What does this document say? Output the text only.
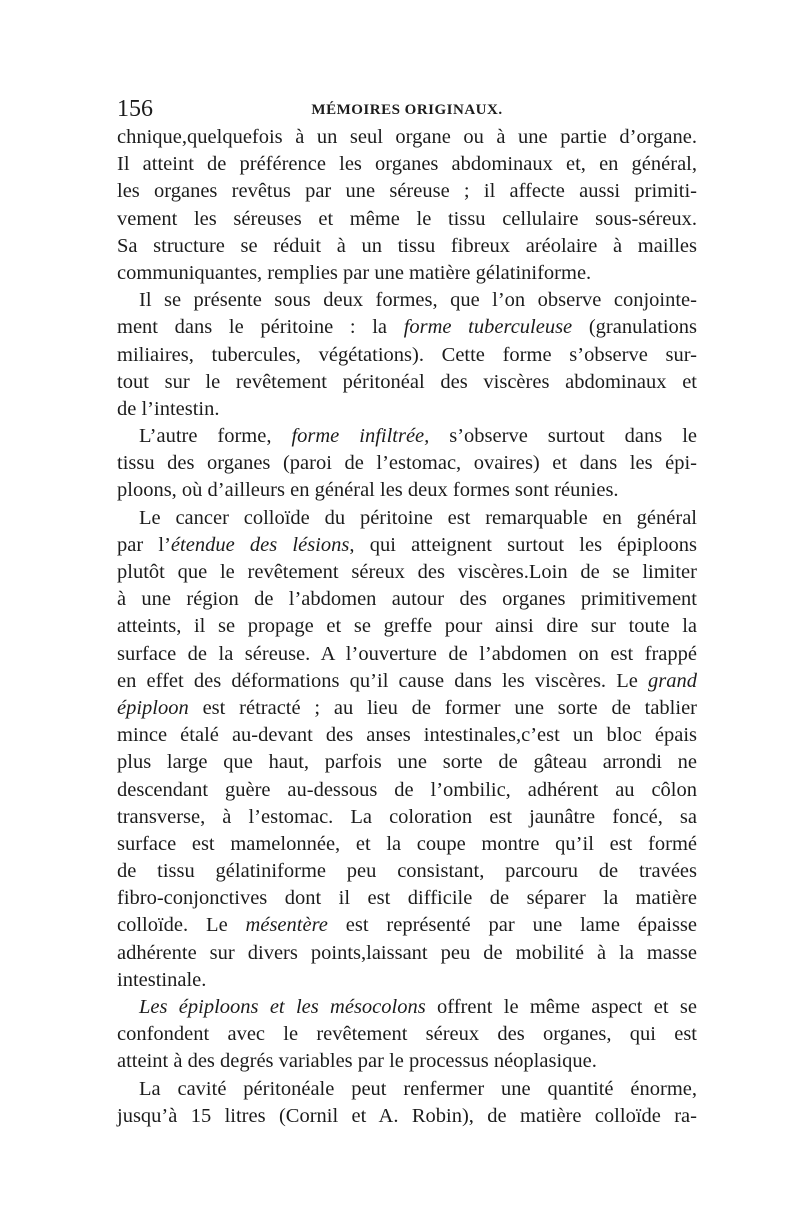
156	MÉMOIRES ORIGINAUX.
chnique,quelquefois à un seul organe ou à une partie d’organe.
Il atteint de préférence les organes abdominaux et, en général,
les organes revêtus par une séreuse ; il affecte aussi primiti-
vement les séreuses et même le tissu cellulaire sous-séreux.
Sa structure se réduit à un tissu fibreux aréolaire à mailles
communiquantes, remplies par une matière gélatiniforme.
Il se présente sous deux formes, que l’on observe conjointe-
ment dans le péritoine : la forme tuberculeuse (granulations
miliaires, tubercules, végétations). Cette forme s’observe sur-
tout sur le revêtement péritonéal des viscères abdominaux et
de l’intestin.
L’autre forme, forme infiltrée, s’observe surtout dans le
tissu des organes (paroi de l’estomac, ovaires) et dans les épi-
ploons, où d’ailleurs en général les deux formes sont réunies.
Le cancer colloïde du péritoine est remarquable en général
par l’étendue des lésions, qui atteignent surtout les épiploons
plutôt que le revêtement séreux des viscères.Loin de se limiter
à une région de l’abdomen autour des organes primitivement
atteints, il se propage et se greffe pour ainsi dire sur toute la
surface de la séreuse. A l’ouverture de l’abdomen on est frappé
en effet des déformations qu’il cause dans les viscères. Le grand
épiploon est rétracté ; au lieu de former une sorte de tablier
mince étalé au-devant des anses intestinales,c’est un bloc épais
plus large que haut, parfois une sorte de gâteau arrondi ne
descendant guère au-dessous de l’ombilic, adhérent au côlon
transverse, à l’estomac. La coloration est jaunâtre foncé, sa
surface est mamelonnée, et la coupe montre qu’il est formé
de tissu gélatiniforme peu consistant, parcouru de travées
fibro-conjonctives dont il est difficile de séparer la matière
colloïde. Le mésentère est représenté par une lame épaisse
adhérente sur divers points,laissant peu de mobilité à la masse
intestinale.
Les épiploons et les mésocolons offrent le même aspect et se
confondent avec le revêtement séreux des organes, qui est
atteint à des degrés variables par le processus néoplasique.
La cavité péritonéale peut renfermer une quantité énorme,
jusqu’à 15 litres (Cornil et A. Robin), de matière colloïde ra-
